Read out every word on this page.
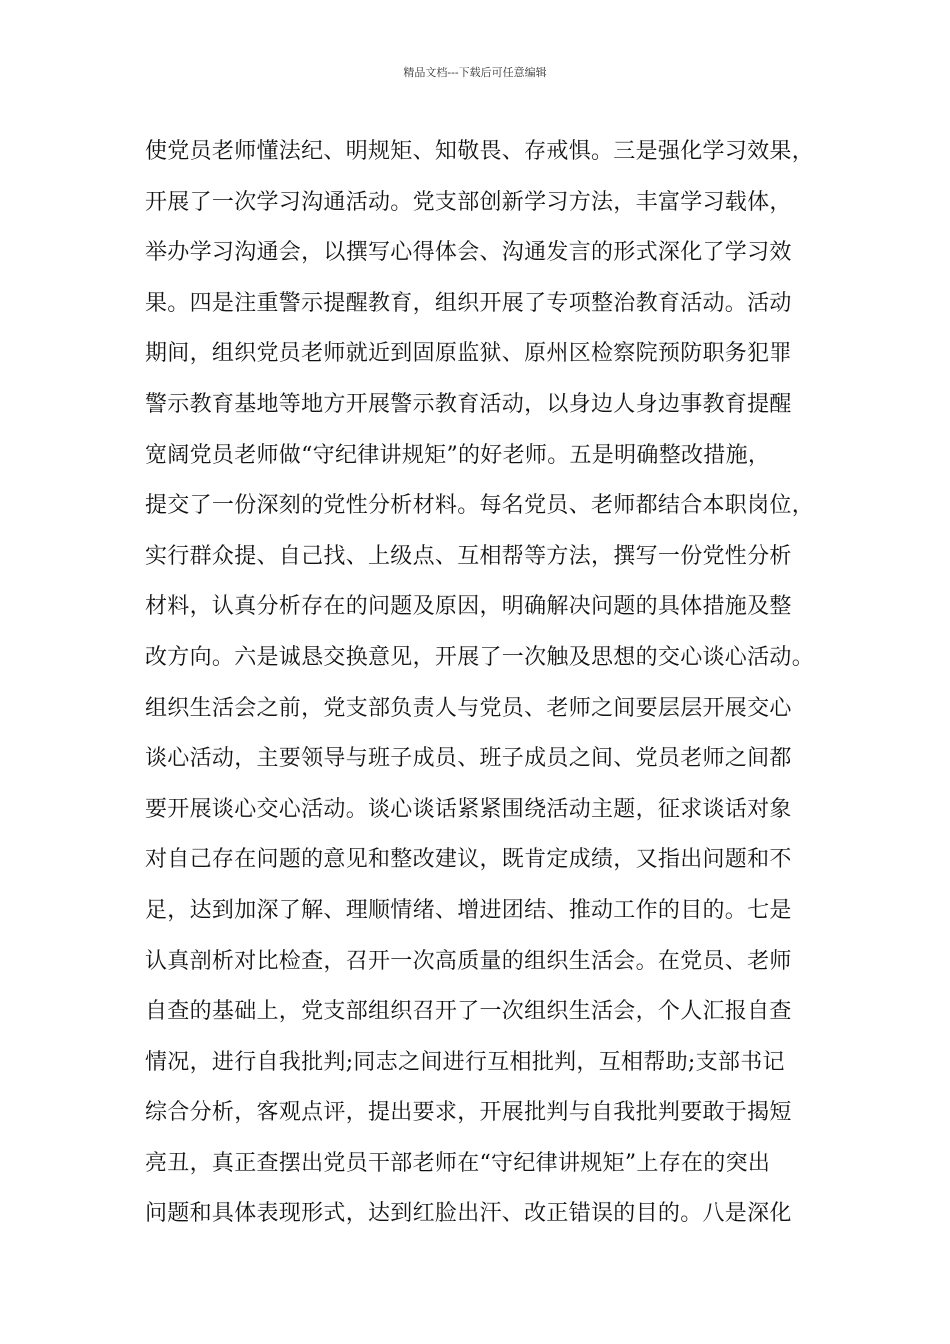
精品文档---下载后可任意编辑
使党员老师懂法纪、明规矩、知敬畏、存戒惧。三是强化学习效果，
开展了一次学习沟通活动。党支部创新学习方法，丰富学习载体，
举办学习沟通会，以撰写心得体会、沟通发言的形式深化了学习效
果。四是注重警示提醒教育，组织开展了专项整治教育活动。活动
期间，组织党员老师就近到固原监狱、原州区检察院预防职务犯罪
警示教育基地等地方开展警示教育活动，以身边人身边事教育提醒
宽阔党员老师做“守纪律讲规矩”的好老师。五是明确整改措施，
提交了一份深刻的党性分析材料。每名党员、老师都结合本职岗位，
实行群众提、自己找、上级点、互相帮等方法，撰写一份党性分析
材料，认真分析存在的问题及原因，明确解决问题的具体措施及整
改方向。六是诚恳交换意见，开展了一次触及思想的交心谈心活动。
组织生活会之前，党支部负责人与党员、老师之间要层层开展交心
谈心活动，主要领导与班子成员、班子成员之间、党员老师之间都
要开展谈心交心活动。谈心谈话紧紧围绕活动主题，征求谈话对象
对自己存在问题的意见和整改建议，既肯定成绩，又指出问题和不
足，达到加深了解、理顺情绪、增进团结、推动工作的目的。七是
认真剖析对比检查，召开一次高质量的组织生活会。在党员、老师
自查的基础上，党支部组织召开了一次组织生活会，个人汇报自查
情况，进行自我批判;同志之间进行互相批判，互相帮助;支部书记
综合分析，客观点评，提出要求，开展批判与自我批判要敢于揭短
亮丑，真正查摆出党员干部老师在“守纪律讲规矩”上存在的突出
问题和具体表现形式，达到红脸出汗、改正错误的目的。八是深化
